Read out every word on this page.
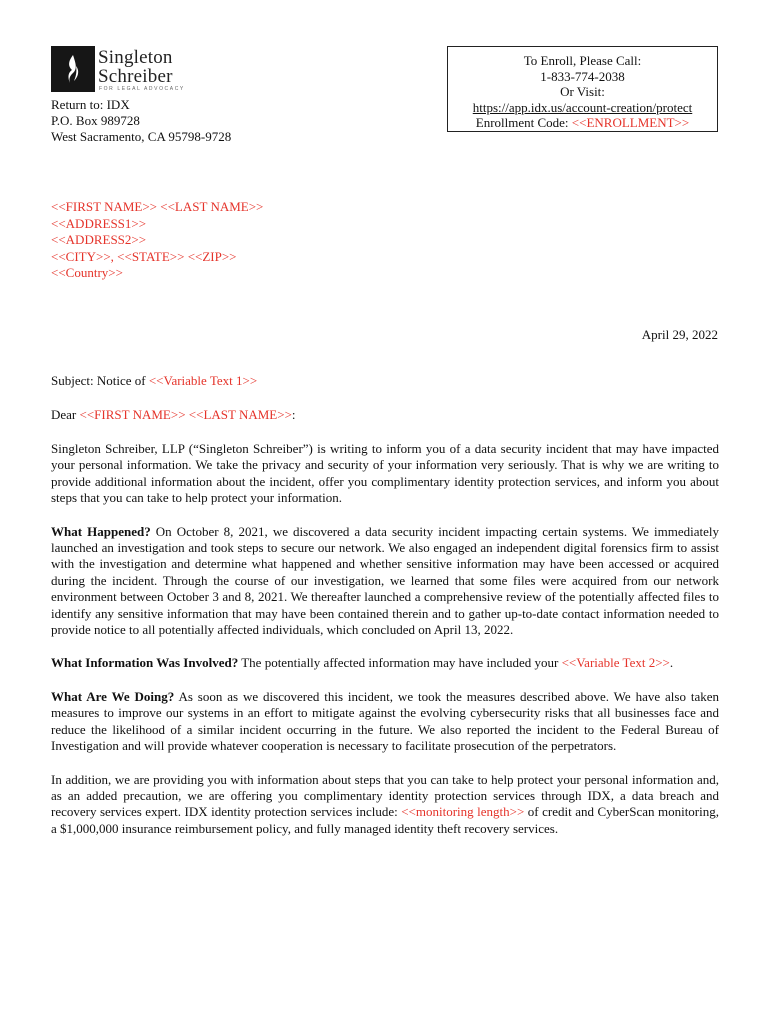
Singleton
Schreiber
FOR LEGAL ADVOCACY
Return to: IDX
P.O. Box 989728
West Sacramento, CA 95798-9728
To Enroll, Please Call:
1-833-774-2038
Or Visit:
https://app.idx.us/account-creation/protect
Enrollment Code: <<ENROLLMENT>>
<<FIRST NAME>> <<LAST NAME>>
<<ADDRESS1>>
<<ADDRESS2>>
<<CITY>>, <<STATE>> <<ZIP>>
<<Country>>
April 29, 2022
Subject: Notice of <<Variable Text 1>>
Dear <<FIRST NAME>> <<LAST NAME>>:

Singleton Schreiber, LLP (“Singleton Schreiber”) is writing to inform you of a data security incident that may have impacted your personal information. We take the privacy and security of your information very seriously. That is why we are writing to provide additional information about the incident, offer you complimentary identity protection services, and inform you about steps that you can take to help protect your information.

What Happened? On October 8, 2021, we discovered a data security incident impacting certain systems. We immediately launched an investigation and took steps to secure our network. We also engaged an independent digital forensics firm to assist with the investigation and determine what happened and whether sensitive information may have been accessed or acquired during the incident. Through the course of our investigation, we learned that some files were acquired from our network environment between October 3 and 8, 2021. We thereafter launched a comprehensive review of the potentially affected files to identify any sensitive information that may have been contained therein and to gather up-to-date contact information needed to provide notice to all potentially affected individuals, which concluded on April 13, 2022.

What Information Was Involved? The potentially affected information may have included your <<Variable Text 2>>.

What Are We Doing? As soon as we discovered this incident, we took the measures described above. We have also taken measures to improve our systems in an effort to mitigate against the evolving cybersecurity risks that all businesses face and reduce the likelihood of a similar incident occurring in the future. We also reported the incident to the Federal Bureau of Investigation and will provide whatever cooperation is necessary to facilitate prosecution of the perpetrators.

In addition, we are providing you with information about steps that you can take to help protect your personal information and, as an added precaution, we are offering you complimentary identity protection services through IDX, a data breach and recovery services expert. IDX identity protection services include: <<monitoring length>> of credit and CyberScan monitoring, a $1,000,000 insurance reimbursement policy, and fully managed identity theft recovery services.
